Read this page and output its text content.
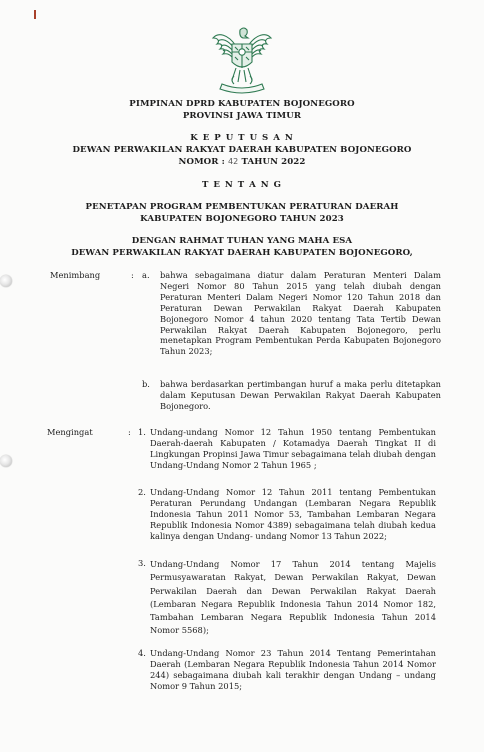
PIMPINAN DPRD KABUPATEN BOJONEGORO
PROVINSI JAWA TIMUR
K E P U T U S A N
DEWAN PERWAKILAN RAKYAT DAERAH KABUPATEN BOJONEGORO
NOMOR : 42 TAHUN 2022
T E N T A N G
PENETAPAN PROGRAM PEMBENTUKAN PERATURAN DAERAH
KABUPATEN BOJONEGORO TAHUN 2023
DENGAN RAHMAT TUHAN YANG MAHA ESA
DEWAN PERWAKILAN RAKYAT DAERAH KABUPATEN BOJONEGORO,
Menimbang	: a. bahwa sebagaimana diatur dalam Peraturan Menteri Dalam Negeri Nomor 80 Tahun 2015 yang telah diubah dengan Peraturan Menteri Dalam Negeri Nomor 120 Tahun 2018 dan Peraturan Dewan Perwakilan Rakyat Daerah Kabupaten Bojonegoro Nomor 4 tahun 2020 tentang Tata Tertib Dewan Perwakilan Rakyat Daerah Kabupaten Bojonegoro, perlu menetapkan Program Pembentukan Perda Kabupaten Bojonegoro Tahun 2023;
b. bahwa berdasarkan pertimbangan huruf a maka perlu ditetapkan dalam Keputusan Dewan Perwakilan Rakyat Daerah Kabupaten Bojonegoro.
Mengingat	: 1. Undang-undang Nomor 12 Tahun 1950 tentang Pembentukan Daerah-daerah Kabupaten / Kotamadya Daerah Tingkat II di Lingkungan Propinsi Jawa Timur sebagaimana telah diubah dengan Undang-Undang Nomor 2 Tahun 1965 ;
2. Undang-Undang Nomor 12 Tahun 2011 tentang Pembentukan Peraturan Perundang Undangan (Lembaran Negara Republik Indonesia Tahun 2011 Nomor 53, Tambahan Lembaran Negara Republik Indonesia Nomor 4389) sebagaimana telah diubah kedua kalinya dengan Undang- undang Nomor 13 Tahun 2022;
3. Undang-Undang Nomor 17 Tahun 2014 tentang Majelis Permusyawaratan Rakyat, Dewan Perwakilan Rakyat, Dewan Perwakilan Daerah dan Dewan Perwakilan Rakyat Daerah (Lembaran Negara Republik Indonesia Tahun 2014 Nomor 182, Tambahan Lembaran Negara Republik Indonesia Tahun 2014 Nomor 5568);
4. Undang-Undang Nomor 23 Tahun 2014 Tentang Pemerintahan Daerah (Lembaran Negara Republik Indonesia Tahun 2014 Nomor 244) sebagaimana diubah kali terakhir dengan Undang – undang Nomor 9 Tahun 2015;
